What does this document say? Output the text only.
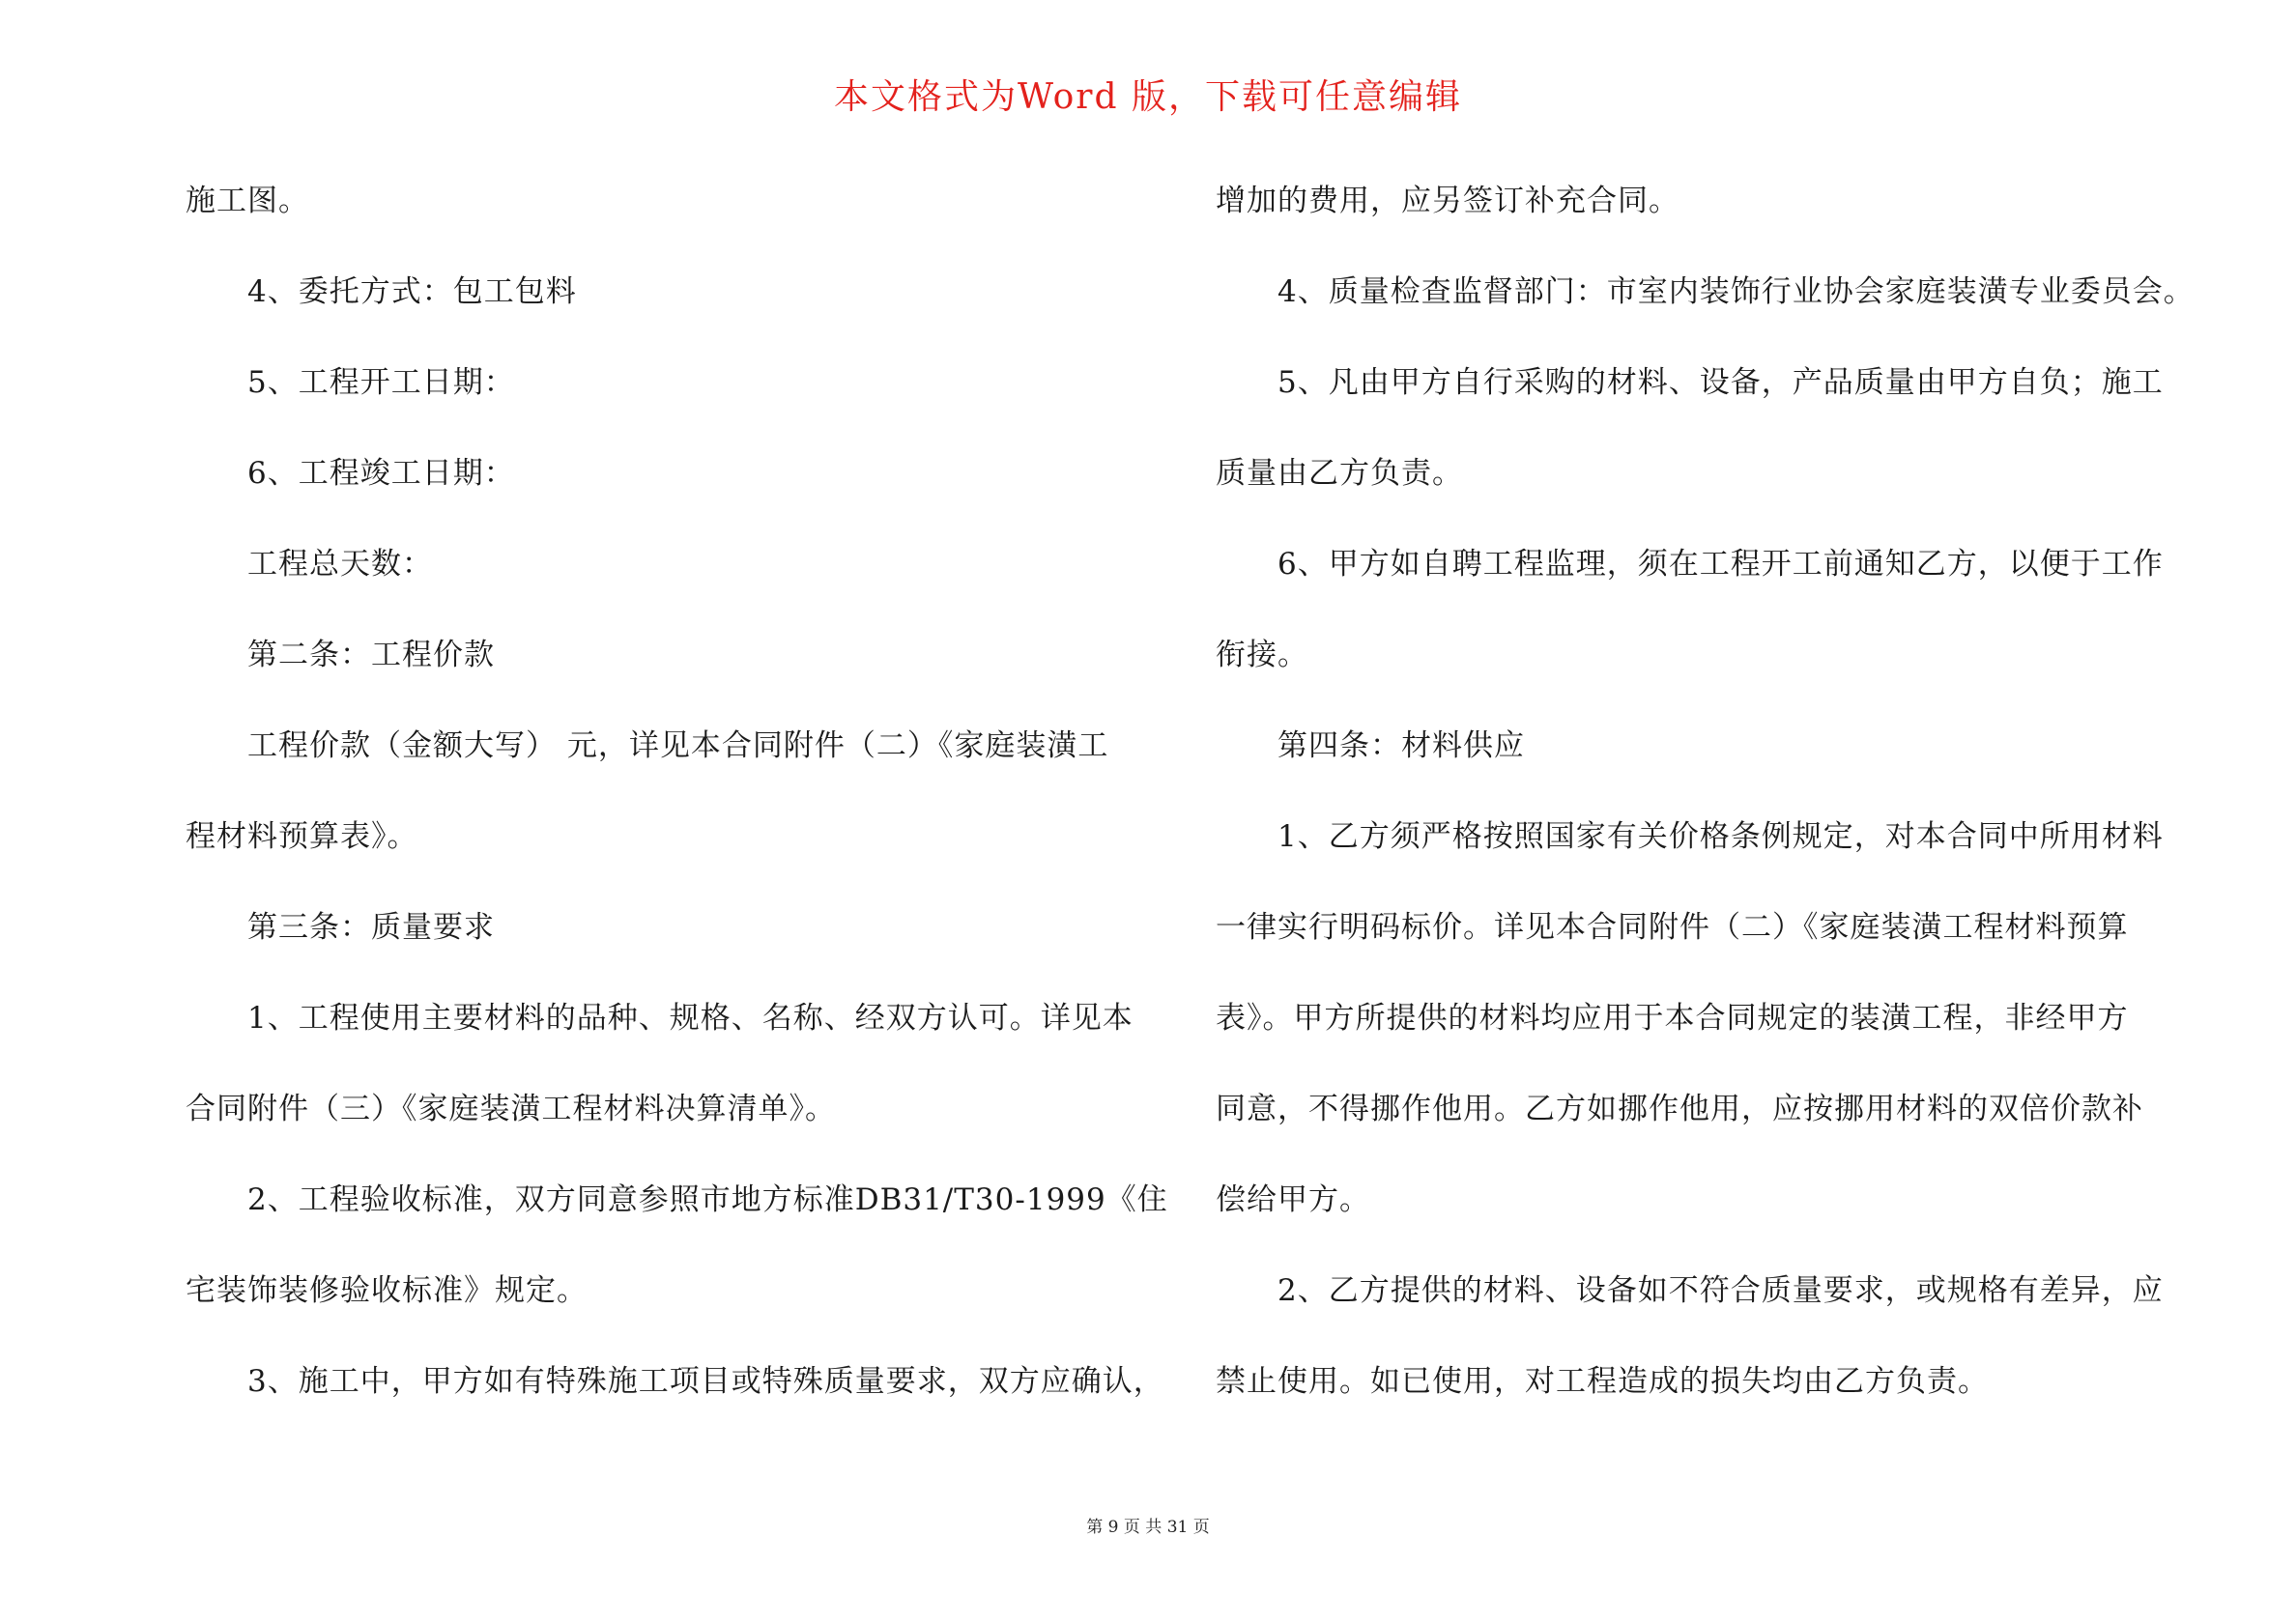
本文格式为Word 版，下载可任意编辑
施工图。
4、委托方式：包工包料
5、工程开工日期：
6、工程竣工日期：
工程总天数：
第二条：工程价款
工程价款（金额大写） 元，详见本合同附件（二）《家庭装潢工
程材料预算表》。
第三条：质量要求
1、工程使用主要材料的品种、规格、名称、经双方认可。详见本
合同附件（三）《家庭装潢工程材料决算清单》。
2、工程验收标准，双方同意参照市地方标准DB31/T30-1999《住
宅装饰装修验收标准》规定。
3、施工中，甲方如有特殊施工项目或特殊质量要求，双方应确认，
增加的费用，应另签订补充合同。
4、质量检查监督部门：市室内装饰行业协会家庭装潢专业委员会。
5、凡由甲方自行采购的材料、设备，产品质量由甲方自负；施工
质量由乙方负责。
6、甲方如自聘工程监理，须在工程开工前通知乙方，以便于工作
衔接。
第四条：材料供应
1、乙方须严格按照国家有关价格条例规定，对本合同中所用材料
一律实行明码标价。详见本合同附件（二）《家庭装潢工程材料预算
表》。甲方所提供的材料均应用于本合同规定的装潢工程，非经甲方
同意，不得挪作他用。乙方如挪作他用，应按挪用材料的双倍价款补
偿给甲方。
2、乙方提供的材料、设备如不符合质量要求，或规格有差异，应
禁止使用。如已使用，对工程造成的损失均由乙方负责。
第 9 页 共 31 页
